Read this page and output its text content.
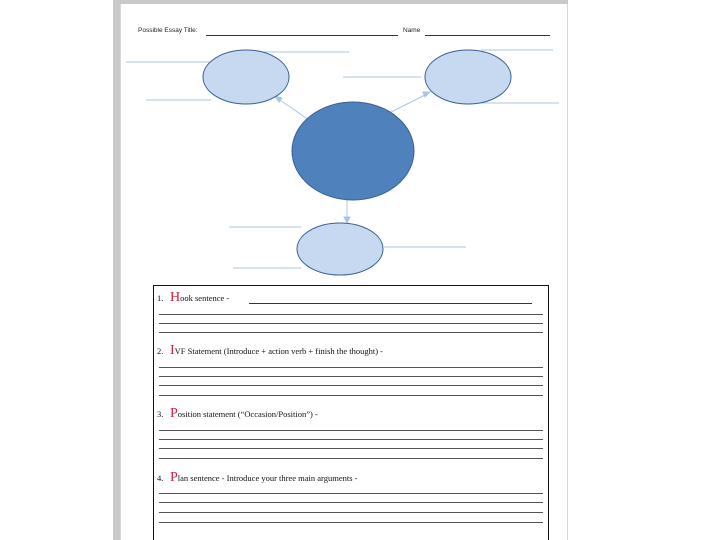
Possible Essay Title:	Name
1. Hook sentence -
2. IVF Statement (Introduce + action verb + finish the thought) -
3. Position statement (“Occasion/Position”) -
4. Plan sentence - Introduce your three main arguments -
